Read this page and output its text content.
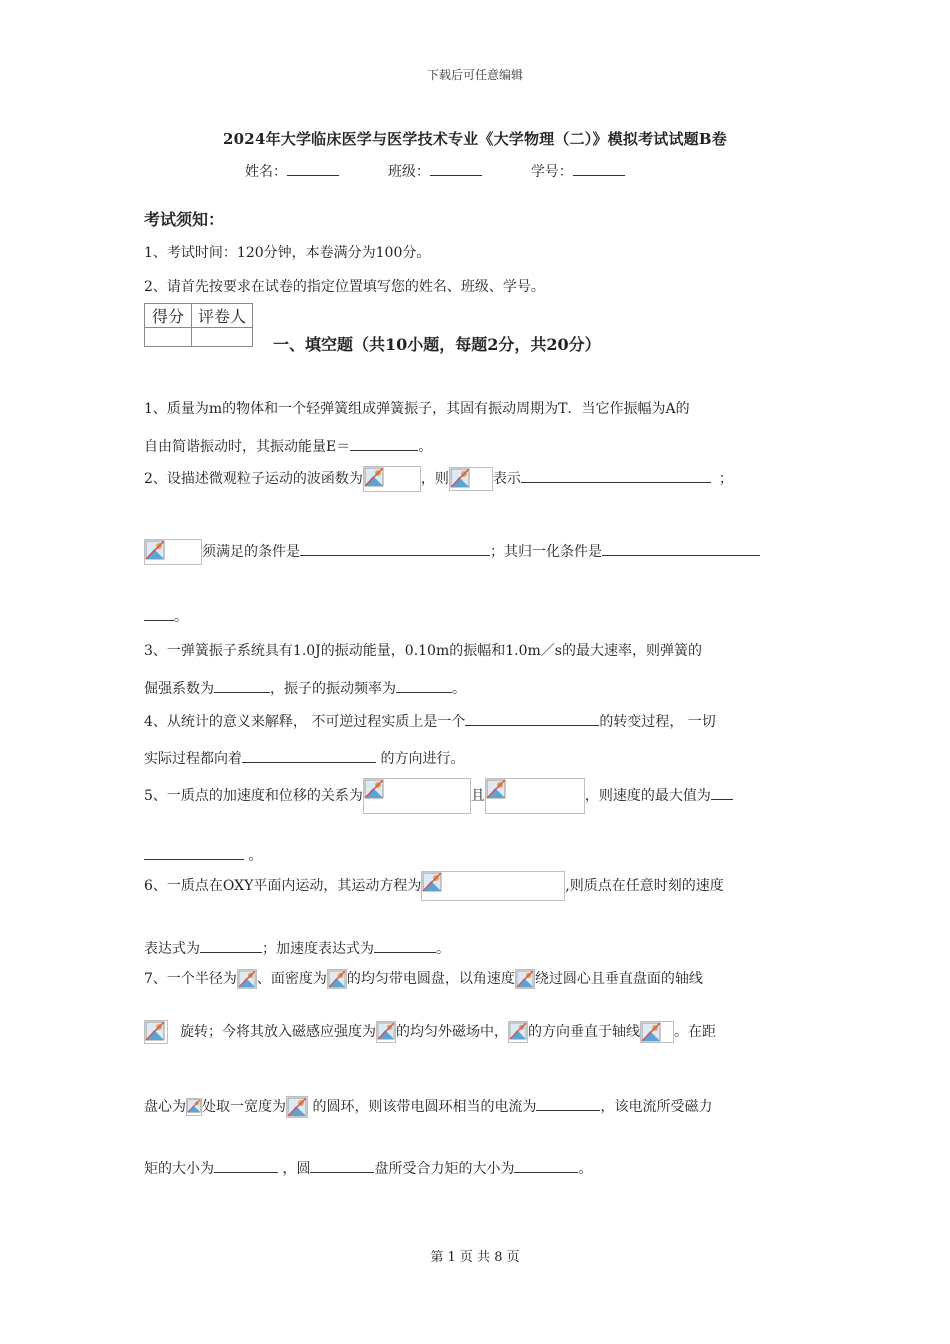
下载后可任意编辑
2024年大学临床医学与医学技术专业《大学物理（二）》模拟考试试题B卷
姓名：	班级：	学号：
考试须知：
1、考试时间：120分钟，本卷满分为100分。
2、请首先按要求在试卷的指定位置填写您的姓名、班级、学号。
得分	评卷人

一、填空题（共10小题，每题2分，共20分）
1、质量为m的物体和一个轻弹簧组成弹簧振子，其固有振动周期为T．当它作振幅为A的
自由简谐振动时，其振动能量E＝	。
2、设描述微观粒子运动的波函数为	，则	表示	；
须满足的条件是	；其归一化条件是
。
3、一弹簧振子系统具有1.0J的振动能量，0.10m的振幅和1.0m／s的最大速率，则弹簧的
倔强系数为	，振子的振动频率为	。
4、从统计的意义来解释， 不可逆过程实质上是一个	的转变过程， 一切
实际过程都向着	的方向进行。
5、一质点的加速度和位移的关系为	且	，则速度的最大值为
。
6、一质点在OXY平面内运动，其运动方程为	,则质点在任意时刻的速度
表达式为	；加速度表达式为	。
7、一个半径为 、面密度为 的均匀带电圆盘，以角速度 绕过圆心且垂直盘面的轴线
旋转；今将其放入磁感应强度为 的均匀外磁场中， 的方向垂直于轴线 。在距
盘心为 处取一宽度为
的圆环，则该带电圆环相当的电流为	，该电流所受磁力
矩的大小为	，圆	盘所受合力矩的大小为	。
第 1 页 共 8 页
